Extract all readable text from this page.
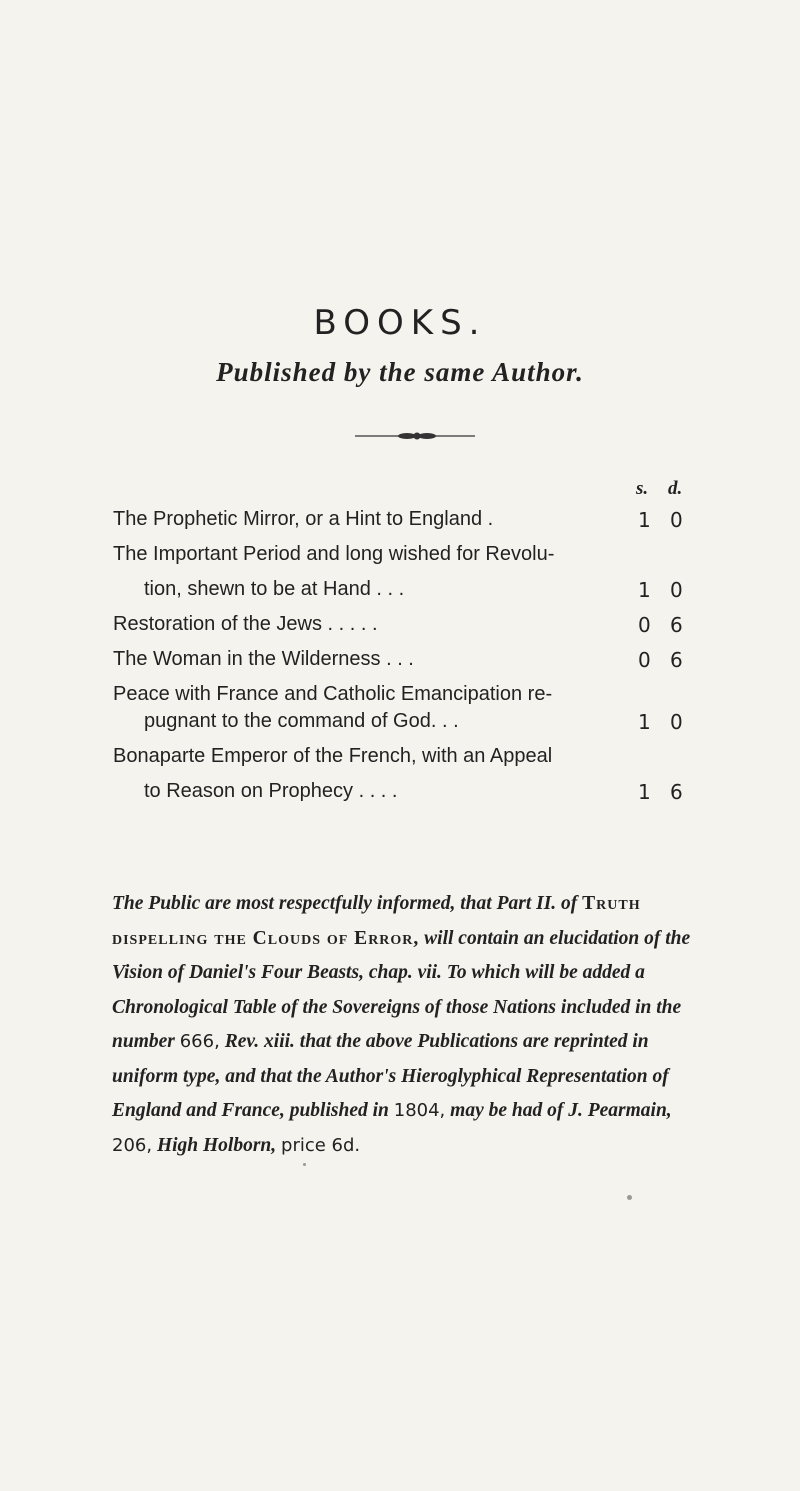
BOOKS.
Published by the same Author.
s. d.
The Prophetic Mirror, or a Hint to England .	1 0
The Important Period and long wished for Revolu-
tion, shewn to be at Hand . . .	1 0
Restoration of the Jews . . . . .	0 6
The Woman in the Wilderness . . .	0 6
Peace with France and Catholic Emancipation re-
pugnant to the command of God. . .	1 0
Bonaparte Emperor of the French, with an Appeal
to Reason on Prophecy . . . .	1 6
The Public are most respectfully informed, that Part II. of Truth dispelling the Clouds of Error, will contain an elucidation of the Vision of Daniel's Four Beasts, chap. vii. To which will be added a Chronological Table of the Sovereigns of those Nations included in the number 666, Rev. xiii. that the above Publications are reprinted in uniform type, and that the Author's Hieroglyphical Representation of England and France, published in 1804, may be had of J. Pearmain, 206, High Holborn, price 6d.
